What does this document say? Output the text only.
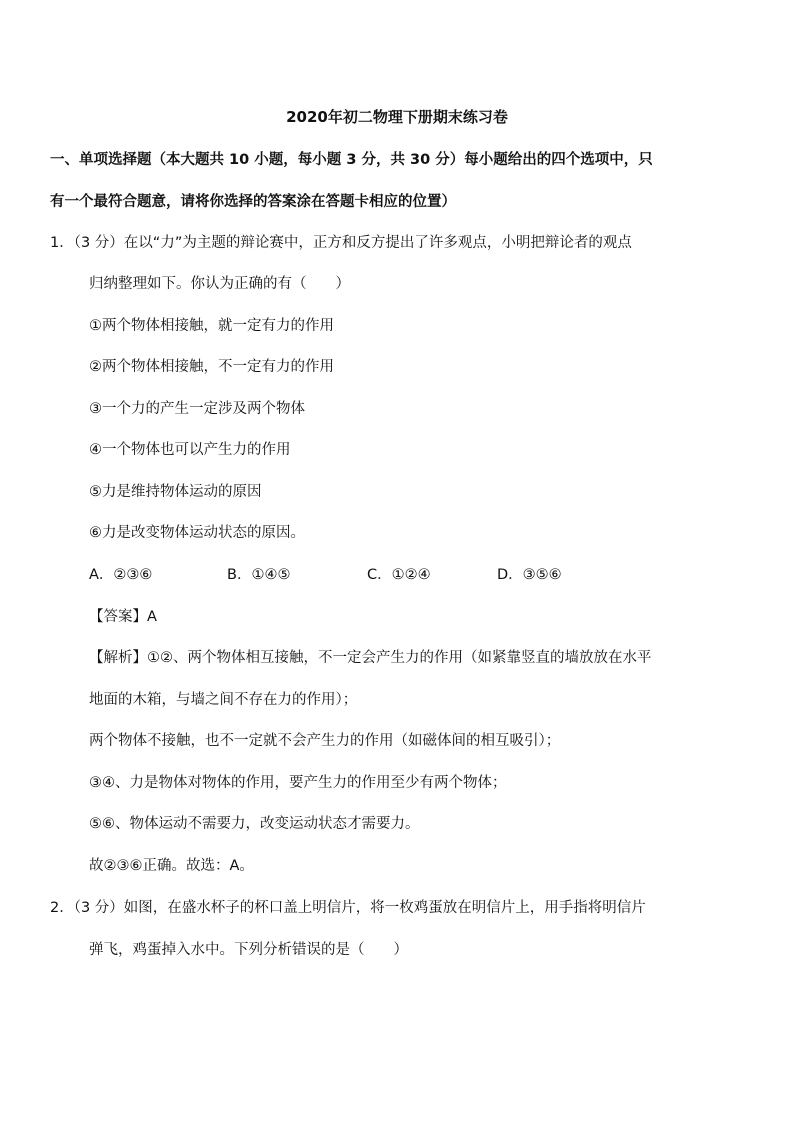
2020年初二物理下册期末练习卷
一、单项选择题（本大题共 10 小题，每小题 3 分，共 30 分）每小题给出的四个选项中，只
有一个最符合题意，请将你选择的答案涂在答题卡相应的位置）
1．（3 分）在以“力”为主题的辩论赛中，正方和反方提出了许多观点，小明把辩论者的观点
归纳整理如下。你认为正确的有（　　）
①两个物体相接触，就一定有力的作用
②两个物体相接触，不一定有力的作用
③一个力的产生一定涉及两个物体
④一个物体也可以产生力的作用
⑤力是维持物体运动的原因
⑥力是改变物体运动状态的原因。
A．②③⑥	B．①④⑤	C．①②④	D．③⑤⑥
【答案】A
【解析】①②、两个物体相互接触，不一定会产生力的作用（如紧靠竖直的墙放放在水平
地面的木箱，与墙之间不存在力的作用）；
两个物体不接触，也不一定就不会产生力的作用（如磁体间的相互吸引）；
③④、力是物体对物体的作用，要产生力的作用至少有两个物体；
⑤⑥、物体运动不需要力，改变运动状态才需要力。
故②③⑥正确。故选：A。
2．（3 分）如图，在盛水杯子的杯口盖上明信片，将一枚鸡蛋放在明信片上，用手指将明信片
弹飞，鸡蛋掉入水中。下列分析错误的是（　　）
